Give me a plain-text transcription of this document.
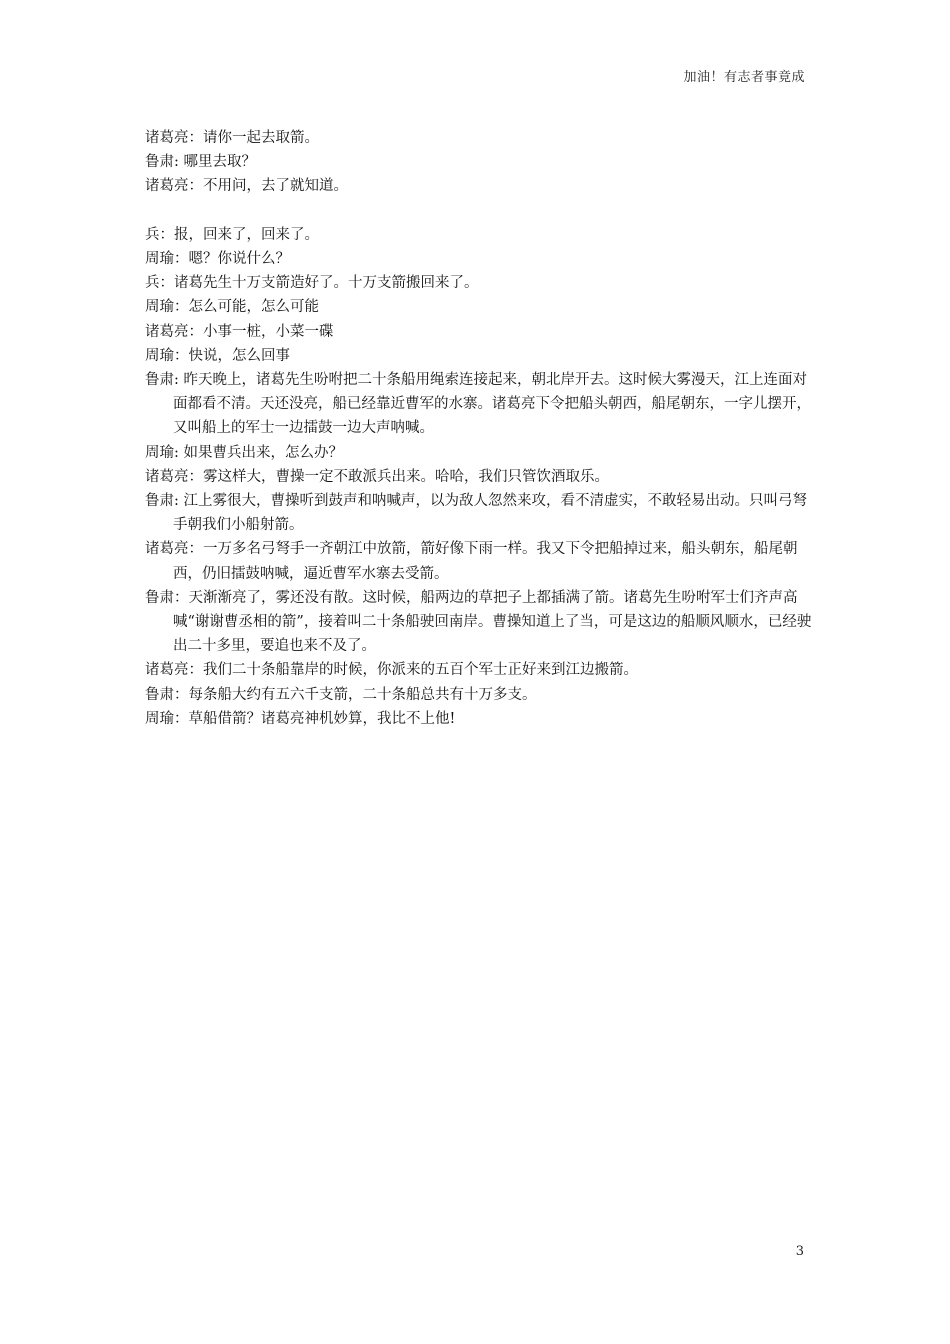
加油！有志者事竟成
诸葛亮：请你一起去取箭。
鲁肃: 哪里去取？
诸葛亮：不用问，去了就知道。
兵：报，回来了，回来了。
周瑜：嗯？你说什么？
兵：诸葛先生十万支箭造好了。十万支箭搬回来了。
周瑜：怎么可能，怎么可能
诸葛亮：小事一桩，小菜一碟
周瑜：快说，怎么回事
鲁肃: 昨天晚上，诸葛先生吩咐把二十条船用绳索连接起来，朝北岸开去。这时候大雾漫天，江上连面对面都看不清。天还没亮，船已经靠近曹军的水寨。诸葛亮下令把船头朝西，船尾朝东，一字儿摆开，又叫船上的军士一边擂鼓一边大声呐喊。
周瑜: 如果曹兵出来，怎么办？
诸葛亮：雾这样大，曹操一定不敢派兵出来。哈哈，我们只管饮酒取乐。
鲁肃: 江上雾很大，曹操听到鼓声和呐喊声，以为敌人忽然来攻，看不清虚实，不敢轻易出动。只叫弓弩手朝我们小船射箭。
诸葛亮：一万多名弓弩手一齐朝江中放箭，箭好像下雨一样。我又下令把船掉过来，船头朝东，船尾朝西，仍旧擂鼓呐喊，逼近曹军水寨去受箭。
鲁肃：天渐渐亮了，雾还没有散。这时候，船两边的草把子上都插满了箭。诸葛先生吩咐军士们齐声高喊“谢谢曹丞相的箭”，接着叫二十条船驶回南岸。曹操知道上了当，可是这边的船顺风顺水，已经驶出二十多里，要追也来不及了。
诸葛亮：我们二十条船靠岸的时候，你派来的五百个军士正好来到江边搬箭。
鲁肃：每条船大约有五六千支箭，二十条船总共有十万多支。
周瑜：草船借箭？诸葛亮神机妙算，我比不上他!
3
